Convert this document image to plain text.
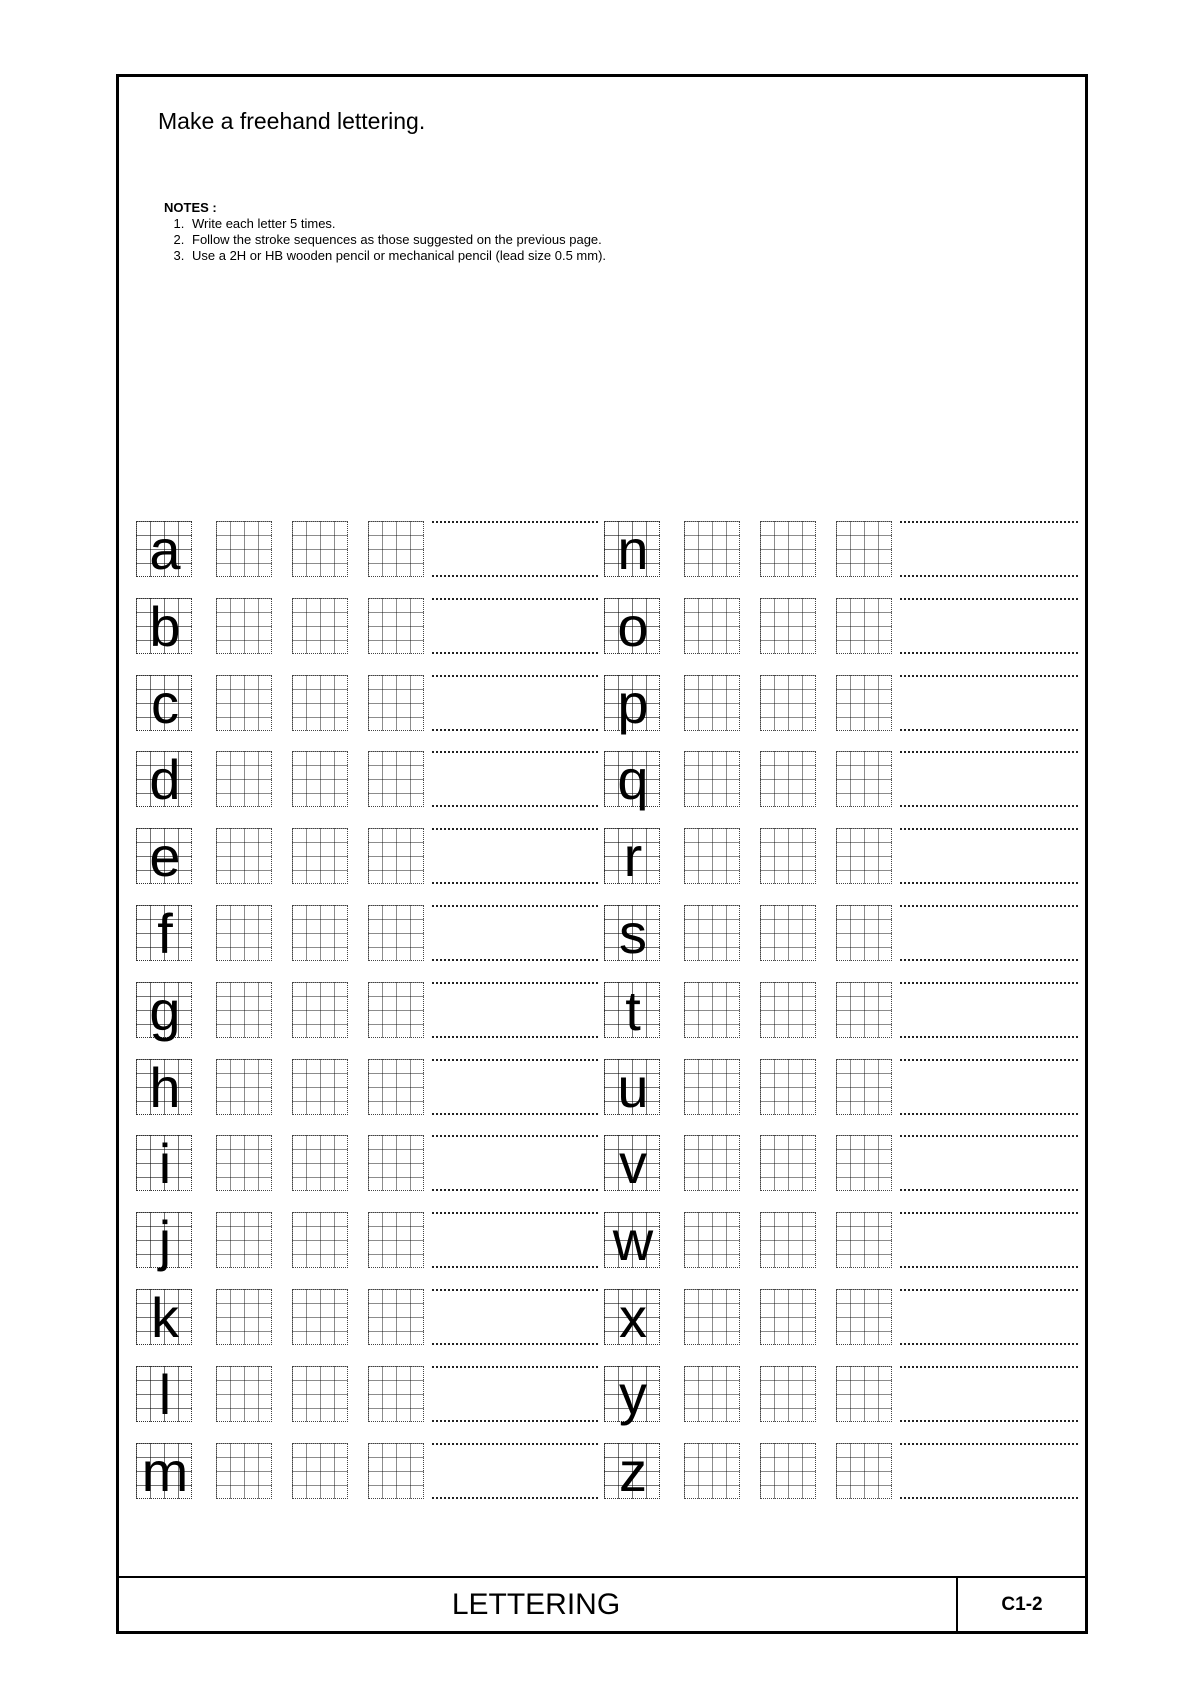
Make a freehand lettering.
NOTES :
1. Write each letter 5 times.
2. Follow the stroke sequences as those suggested on the previous page.
3. Use a 2H or HB wooden pencil or mechanical pencil (lead size 0.5 mm).
a
b
c
d
e
f
g
h
i
j
k
l
m
n
o
p
q
r
s
t
u
v
w
x
y
z
LETTERING	C1-2
